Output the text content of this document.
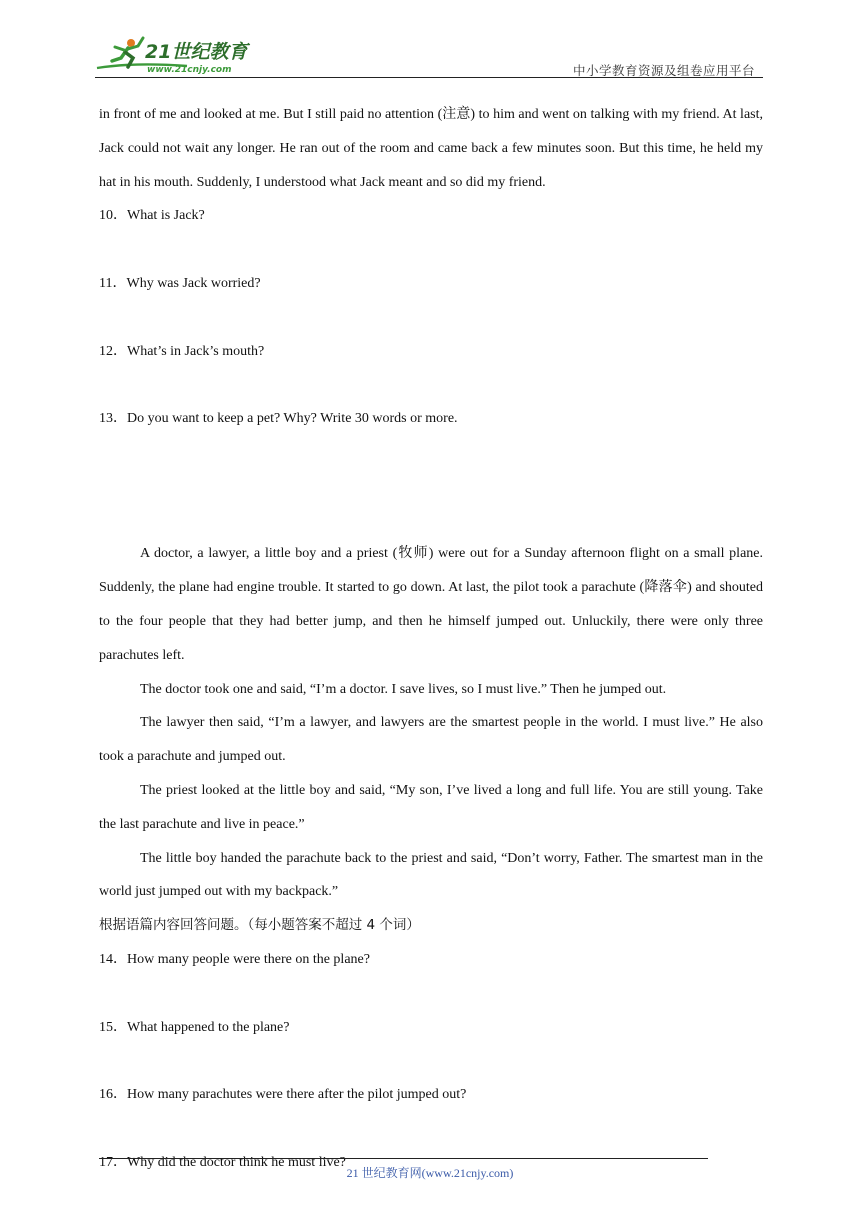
21世纪教育
www.21cnjy.com	中小学教育资源及组卷应用平台

in front of me and looked at me. But I still paid no attention (注意) to him and went on talking with my friend. At last, Jack could not wait any longer. He ran out of the room and came back a few minutes soon. But this time, he held my hat in his mouth. Suddenly, I understood what Jack meant and so did my friend.

10．What is Jack?
11．Why was Jack worried?
12．What’s in Jack’s mouth?
13．Do you want to keep a pet? Why? Write 30 words or more.

A doctor, a lawyer, a little boy and a priest (牧师) were out for a Sunday afternoon flight on a small plane. Suddenly, the plane had engine trouble. It started to go down. At last, the pilot took a parachute (降落伞) and shouted to the four people that they had better jump, and then he himself jumped out. Unluckily, there were only three parachutes left.

The doctor took one and said, “I’m a doctor. I save lives, so I must live.” Then he jumped out.

The lawyer then said, “I’m a lawyer, and lawyers are the smartest people in the world. I must live.” He also took a parachute and jumped out.

The priest looked at the little boy and said, “My son, I’ve lived a long and full life. You are still young. Take the last parachute and live in peace.”

The little boy handed the parachute back to the priest and said, “Don’t worry, Father. The smartest man in the world just jumped out with my backpack.”

根据语篇内容回答问题。（每小题答案不超过 4 个词）

14．How many people were there on the plane?
15．What happened to the plane?
16．How many parachutes were there after the pilot jumped out?
17．Why did the doctor think he must live?
21 世纪教育网(www.21cnjy.com)
